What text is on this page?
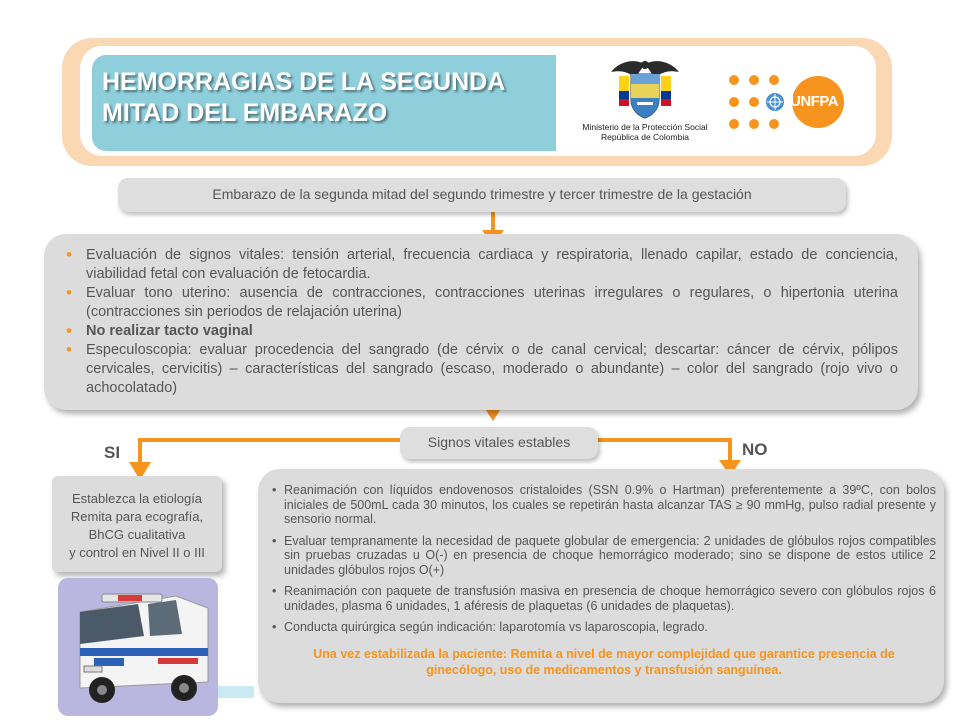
HEMORRAGIAS DE LA SEGUNDA
MITAD DEL EMBARAZO	Ministerio de la Protección Social
República de Colombia
UNFPA
Embarazo de la segunda mitad del segundo trimestre y tercer trimestre de la gestación
• Evaluación de signos vitales: tensión arterial, frecuencia cardiaca y respiratoria, llenado capilar, estado de conciencia, viabilidad fetal con evaluación de fetocardia.
• Evaluar tono uterino: ausencia de contracciones, contracciones uterinas irregulares o regulares, o hipertonia uterina (contracciones sin periodos de relajación uterina)
• No realizar tacto vaginal
• Especuloscopia: evaluar procedencia del sangrado (de cérvix o de canal cervical; descartar: cáncer de cérvix, pólipos cervicales, cervicitis) – características del sangrado (escaso, moderado o abundante) – color del sangrado (rojo vivo o achocolatado)
Signos vitales estables
SI	NO
Establezca la etiología
Remita para ecografía,
BhCG cualitativa
y control en Nivel II o III
• Reanimación con líquidos endovenosos cristaloides (SSN 0.9% o Hartman) preferentemente a 39ºC, con bolos iniciales de 500mL cada 30 minutos, los cuales se repetirán hasta alcanzar TAS ≥ 90 mmHg, pulso radial presente y sensorio normal.
• Evaluar tempranamente la necesidad de paquete globular de emergencia: 2 unidades de glóbulos rojos compatibles sin pruebas cruzadas u O(-) en presencia de choque hemorrágico moderado; sino se dispone de estos utilice 2 unidades glóbulos rojos O(+)
• Reanimación con paquete de transfusión masiva en presencia de choque hemorrágico severo con glóbulos rojos 6 unidades, plasma 6 unidades, 1 aféresis de plaquetas (6 unidades de plaquetas).
• Conducta quirúrgica según indicación: laparotomía vs laparoscopia, legrado.
Una vez estabilizada la paciente: Remita a nivel de mayor complejidad que garantice presencia de ginecólogo, uso de medicamentos y transfusión sanguínea.
